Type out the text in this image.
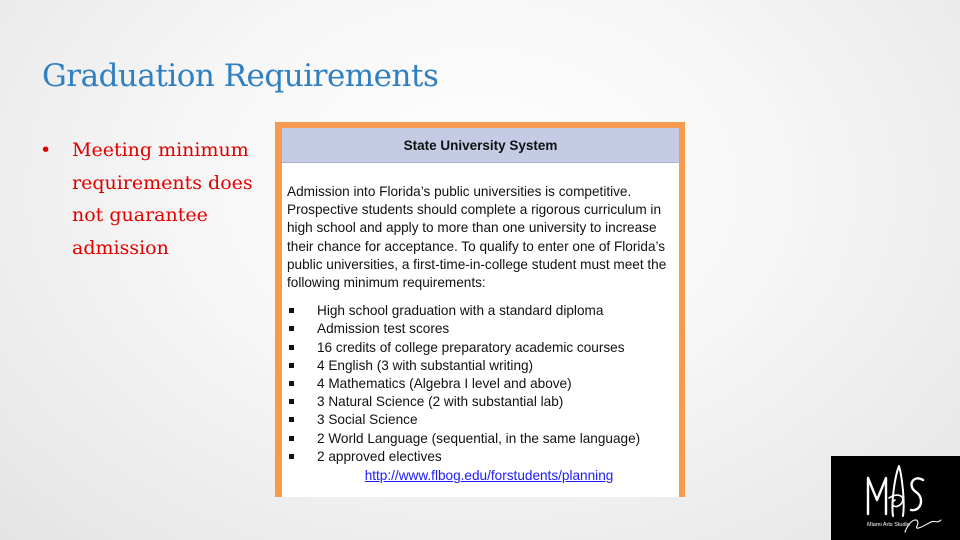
Graduation Requirements
•	Meeting minimum requirements does not guarantee admission
State University System

Admission into Florida’s public universities is competitive. Prospective students should complete a rigorous curriculum in high school and apply to more than one university to increase their chance for acceptance. To qualify to enter one of Florida’s public universities, a first-time-in-college student must meet the following minimum requirements:

High school graduation with a standard diploma
Admission test scores
16 credits of college preparatory academic courses
4 English (3 with substantial writing)
4 Mathematics (Algebra I level and above)
3 Natural Science (2 with substantial lab)
3 Social Science
2 World Language (sequential, in the same language)
2 approved electives
http://www.flbog.edu/forstudents/planning
Miami Arts Studio
